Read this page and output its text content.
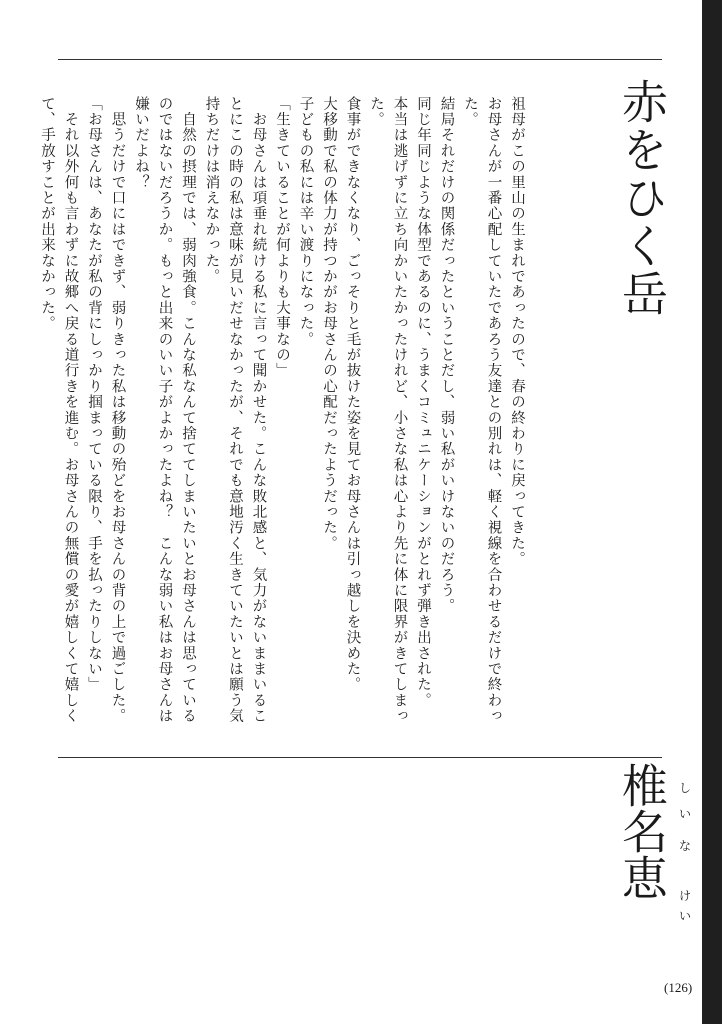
赤をひく岳

祖母がこの里山の生まれであったので、春の終わりに戻ってきた。

お母さんが一番心配していたであろう友達との別れは、軽く視線を合わせるだけで終わった。

結局それだけの関係だったということだし、弱い私がいけないのだろう。

同じ年同じような体型であるのに、うまくコミュニケーションがとれず弾き出された。

本当は逃げずに立ち向かいたかったけれど、小さな私は心より先に体に限界がきてしまった。

食事ができなくなり、ごっそりと毛が抜けた姿を見てお母さんは引っ越しを決めた。

大移動で私の体力が持つかがお母さんの心配だったようだった。

子どもの私には辛い渡りになった。

「生きていることが何よりも大事なの」

　お母さんは項垂れ続ける私に言って聞かせた。こんな敗北感と、気力がないままいることにこの時の私は意味が見いだせなかったが、それでも意地汚く生きていたいとは願う気持ちだけは消えなかった。

　自然の摂理では、弱肉強食。こんな私なんて捨ててしまいたいとお母さんは思っているのではないだろうか。もっと出来のいい子がよかったよね？　こんな弱い私はお母さんは嫌いだよね？

　思うだけで口にはできず、弱りきった私は移動の殆どをお母さんの背の上で過ごした。

「お母さんは、あなたが私の背にしっかり掴まっている限り、手を払ったりしない」

　それ以外何も言わずに故郷へ戻る道行きを進む。お母さんの無償の愛が嬉しくて嬉しくて、手放すことが出来なかった。

椎名恵 し
い
な
け
い
(126)
